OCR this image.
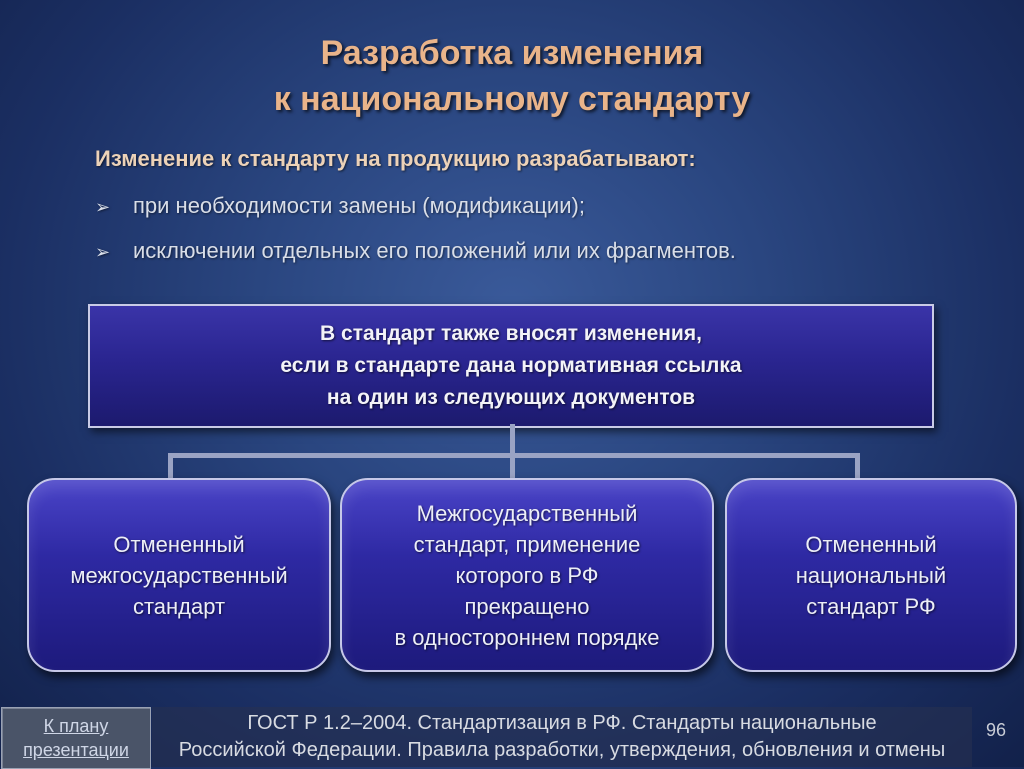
Разработка изменения
к национальному стандарту
Изменение к стандарту на продукцию разрабатывают:
➢ при необходимости замены (модификации);
➢ исключении отдельных его положений или их фрагментов.
В стандарт также вносят изменения,
если в стандарте дана нормативная ссылка
на один из следующих документов
Отмененный
межгосударственный
стандарт
Межгосударственный
стандарт, применение
которого в РФ
прекращено
в одностороннем порядке
Отмененный
национальный
стандарт РФ
К плану
презентации
ГОСТ Р 1.2–2004. Стандартизация в РФ. Стандарты национальные
Российской Федерации. Правила разработки, утверждения, обновления и отмены
96
